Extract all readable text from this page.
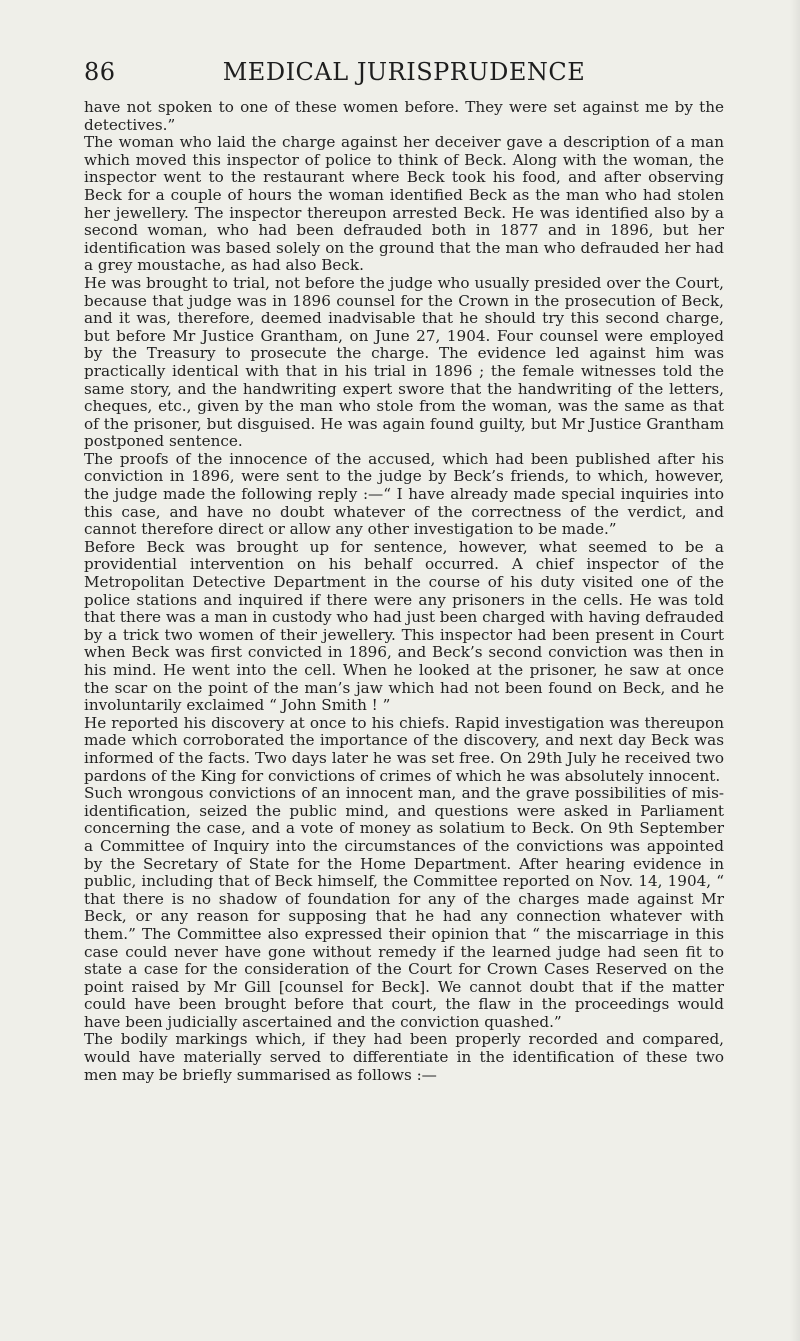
86	MEDICAL JURISPRUDENCE

have not spoken to one of these women before. They were set against me by the detectives.”

The woman who laid the charge against her deceiver gave a description of a man which moved this inspector of police to think of Beck. Along with the woman, the inspector went to the restaurant where Beck took his food, and after observing Beck for a couple of hours the woman identified Beck as the man who had stolen her jewellery. The inspector thereupon arrested Beck. He was identified also by a second woman, who had been defrauded both in 1877 and in 1896, but her identification was based solely on the ground that the man who defrauded her had a grey moustache, as had also Beck.

He was brought to trial, not before the judge who usually presided over the Court, because that judge was in 1896 counsel for the Crown in the prosecution of Beck, and it was, therefore, deemed inadvisable that he should try this second charge, but before Mr Justice Grantham, on June 27, 1904. Four counsel were employed by the Treasury to prosecute the charge. The evidence led against him was practically identical with that in his trial in 1896 ; the female witnesses told the same story, and the handwriting expert swore that the handwriting of the letters, cheques, etc., given by the man who stole from the woman, was the same as that of the prisoner, but disguised. He was again found guilty, but Mr Justice Grantham postponed sentence.

The proofs of the innocence of the accused, which had been published after his conviction in 1896, were sent to the judge by Beck’s friends, to which, however, the judge made the following reply :—“ I have already made special inquiries into this case, and have no doubt whatever of the correctness of the verdict, and cannot therefore direct or allow any other investigation to be made.”

Before Beck was brought up for sentence, however, what seemed to be a providential intervention on his behalf occurred. A chief inspector of the Metropolitan Detective Department in the course of his duty visited one of the police stations and inquired if there were any prisoners in the cells. He was told that there was a man in custody who had just been charged with having defrauded by a trick two women of their jewellery. This inspector had been present in Court when Beck was first convicted in 1896, and Beck’s second conviction was then in his mind. He went into the cell. When he looked at the prisoner, he saw at once the scar on the point of the man’s jaw which had not been found on Beck, and he involuntarily exclaimed “ John Smith ! ”

He reported his discovery at once to his chiefs. Rapid investigation was thereupon made which corroborated the importance of the discovery, and next day Beck was informed of the facts. Two days later he was set free. On 29th July he received two pardons of the King for convictions of crimes of which he was absolutely innocent.

Such wrongous convictions of an innocent man, and the grave possibilities of mis-identification, seized the public mind, and questions were asked in Parliament concerning the case, and a vote of money as solatium to Beck. On 9th September a Committee of Inquiry into the circumstances of the convictions was appointed by the Secretary of State for the Home Department. After hearing evidence in public, including that of Beck himself, the Committee reported on Nov. 14, 1904, “ that there is no shadow of foundation for any of the charges made against Mr Beck, or any reason for supposing that he had any connection whatever with them.” The Committee also expressed their opinion that “ the miscarriage in this case could never have gone without remedy if the learned judge had seen fit to state a case for the consideration of the Court for Crown Cases Reserved on the point raised by Mr Gill [counsel for Beck]. We cannot doubt that if the matter could have been brought before that court, the flaw in the proceedings would have been judicially ascertained and the conviction quashed.”

The bodily markings which, if they had been properly recorded and compared, would have materially served to differentiate in the identification of these two men may be briefly summarised as follows :—
